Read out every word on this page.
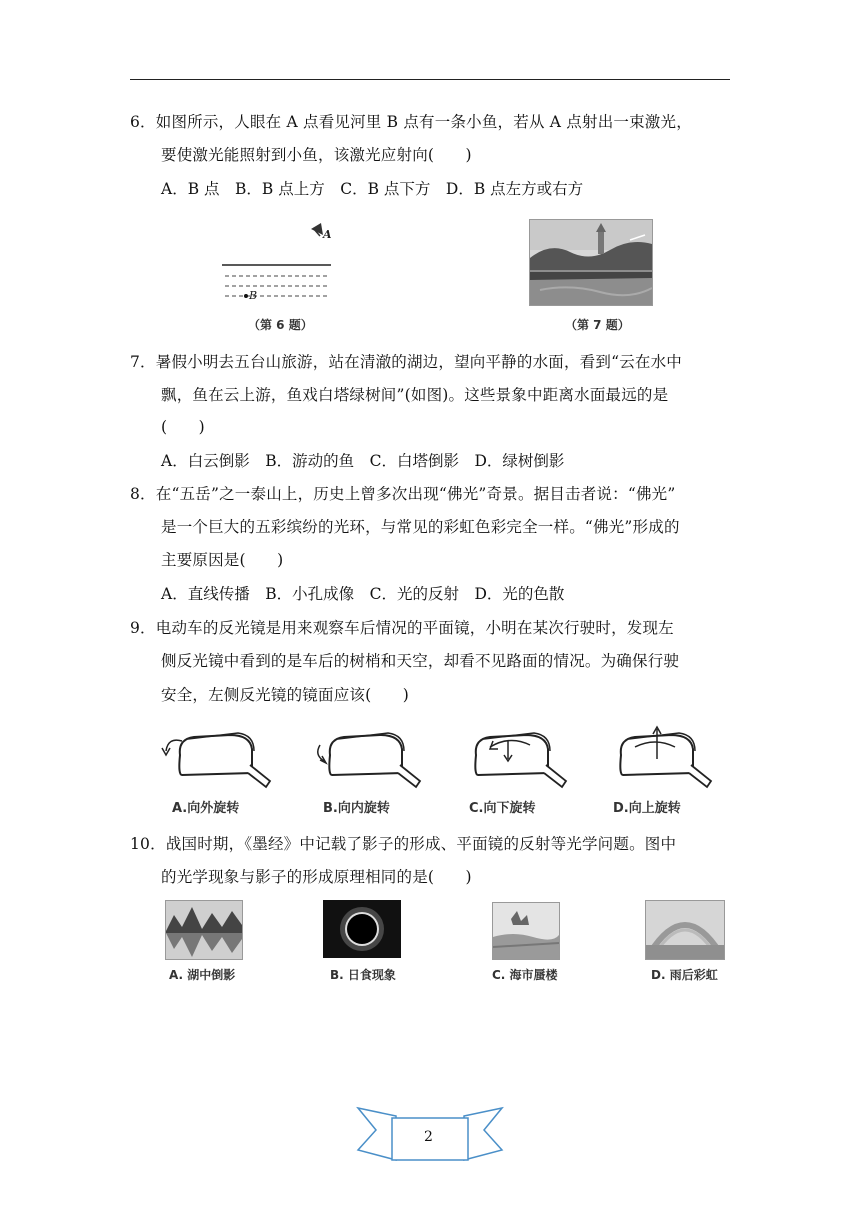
6．如图所示，人眼在 A 点看见河里 B 点有一条小鱼，若从 A 点射出一束激光，
要使激光能照射到小鱼，该激光应射向(　　)
A．B 点　B．B 点上方　C．B 点下方　D．B 点左方或右方
A
B
（第 6 题）	（第 7 题）
7．暑假小明去五台山旅游，站在清澈的湖边，望向平静的水面，看到“云在水中
飘，鱼在云上游，鱼戏白塔绿树间”(如图)。这些景象中距离水面最远的是
(　　)
A．白云倒影　B．游动的鱼　C．白塔倒影　D．绿树倒影
8．在“五岳”之一泰山上，历史上曾多次出现“佛光”奇景。据目击者说：“佛光”
是一个巨大的五彩缤纷的光环，与常见的彩虹色彩完全一样。“佛光”形成的
主要原因是(　　)
A．直线传播　B．小孔成像　C．光的反射　D．光的色散
9．电动车的反光镜是用来观察车后情况的平面镜，小明在某次行驶时，发现左
侧反光镜中看到的是车后的树梢和天空，却看不见路面的情况。为确保行驶
安全，左侧反光镜的镜面应该(　　)
A.向外旋转	B.向内旋转	C.向下旋转	D.向上旋转
10．战国时期，《墨经》中记载了影子的形成、平面镜的反射等光学问题。图中
的光学现象与影子的形成原理相同的是(　　)
A. 湖中倒影	B. 日食现象	C. 海市蜃楼	D. 雨后彩虹
2
